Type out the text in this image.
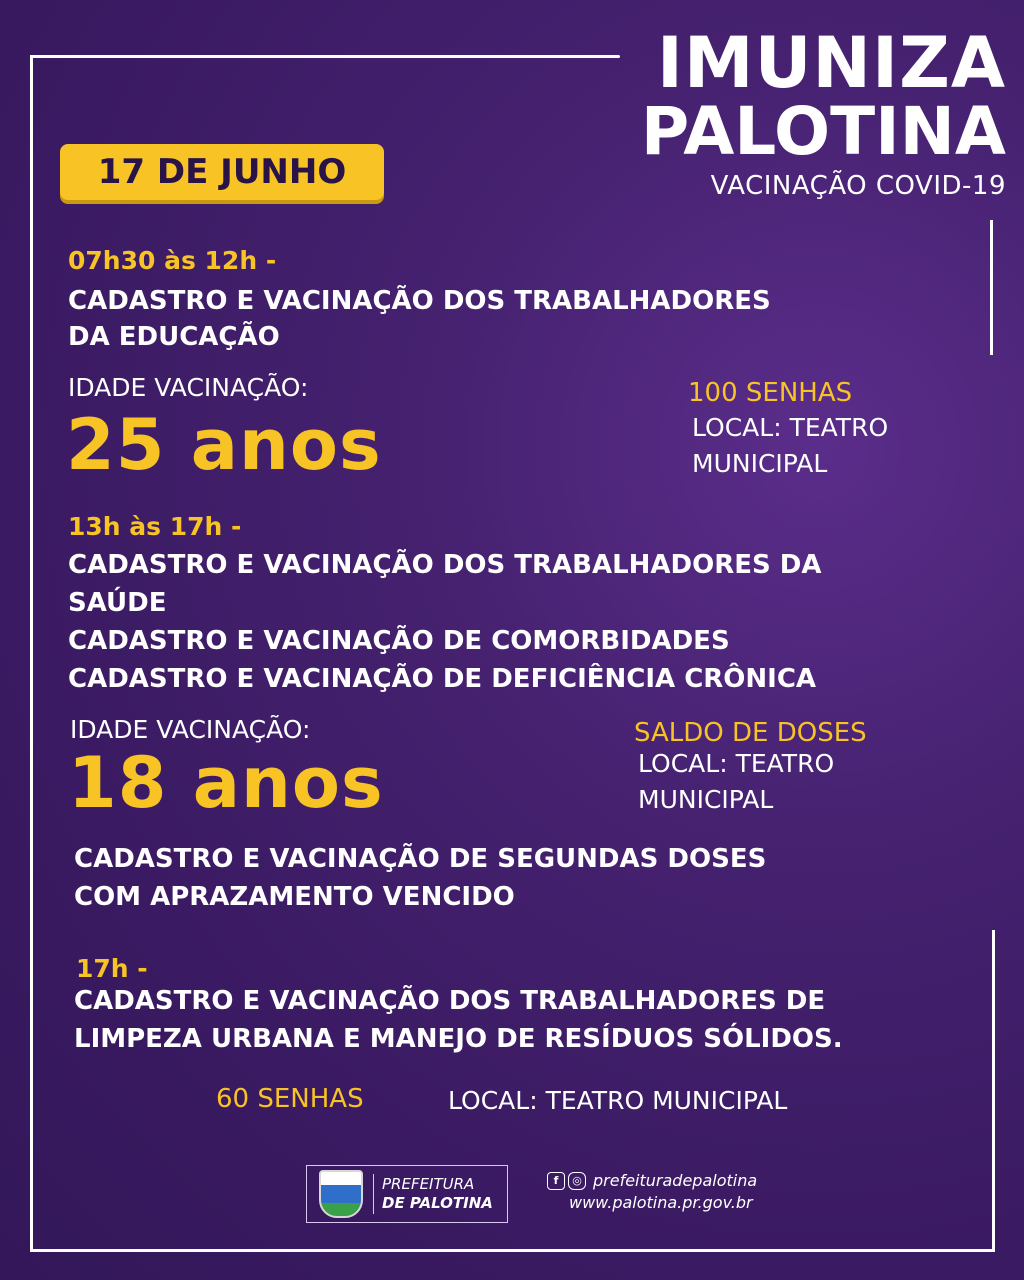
IMUNIZA
PALOTINA
VACINAÇÃO COVID-19
17 DE JUNHO
07h30 às 12h -
CADASTRO E VACINAÇÃO DOS TRABALHADORES
DA EDUCAÇÃO
IDADE VACINAÇÃO:
25 anos
100 SENHAS
LOCAL: TEATRO
MUNICIPAL
13h às 17h -
CADASTRO E VACINAÇÃO DOS TRABALHADORES DA
SAÚDE
CADASTRO E VACINAÇÃO DE COMORBIDADES
CADASTRO E VACINAÇÃO DE DEFICIÊNCIA CRÔNICA
IDADE VACINAÇÃO:
18 anos
SALDO DE DOSES
LOCAL: TEATRO
MUNICIPAL
CADASTRO E VACINAÇÃO DE SEGUNDAS DOSES
COM APRAZAMENTO VENCIDO
17h -
CADASTRO E VACINAÇÃO DOS TRABALHADORES DE
LIMPEZA URBANA E MANEJO DE RESÍDUOS SÓLIDOS.
60 SENHAS	LOCAL: TEATRO MUNICIPAL
PREFEITURA
DE PALOTINA
f	◎ prefeituradepalotina
www.palotina.pr.gov.br
